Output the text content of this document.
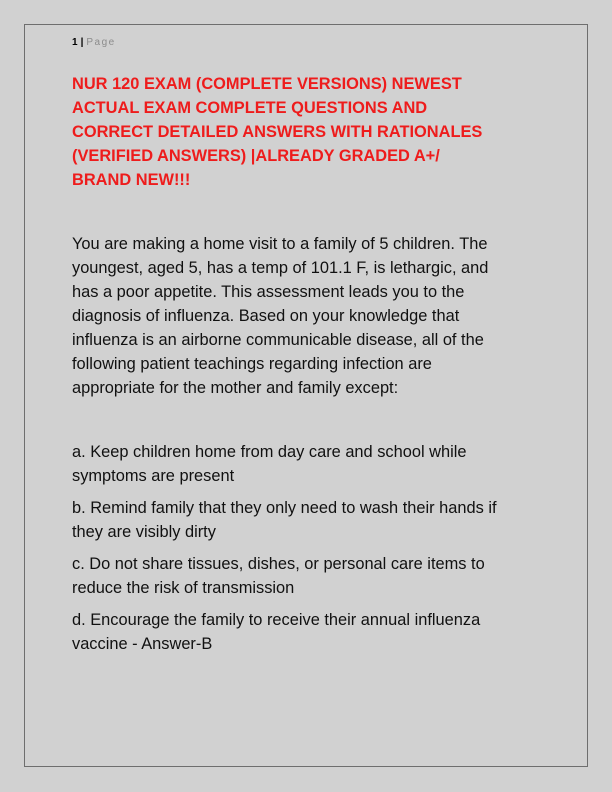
1 | Page
NUR 120 EXAM (COMPLETE VERSIONS) NEWEST
ACTUAL EXAM COMPLETE QUESTIONS AND
CORRECT DETAILED ANSWERS WITH RATIONALES
(VERIFIED ANSWERS) |ALREADY GRADED A+/
BRAND NEW!!!

You are making a home visit to a family of 5 children. The
youngest, aged 5, has a temp of 101.1 F, is lethargic, and
has a poor appetite. This assessment leads you to the
diagnosis of influenza. Based on your knowledge that
influenza is an airborne communicable disease, all of the
following patient teachings regarding infection are
appropriate for the mother and family except:

a. Keep children home from day care and school while
symptoms are present
b. Remind family that they only need to wash their hands if
they are visibly dirty
c. Do not share tissues, dishes, or personal care items to
reduce the risk of transmission
d. Encourage the family to receive their annual influenza
vaccine - Answer-B
